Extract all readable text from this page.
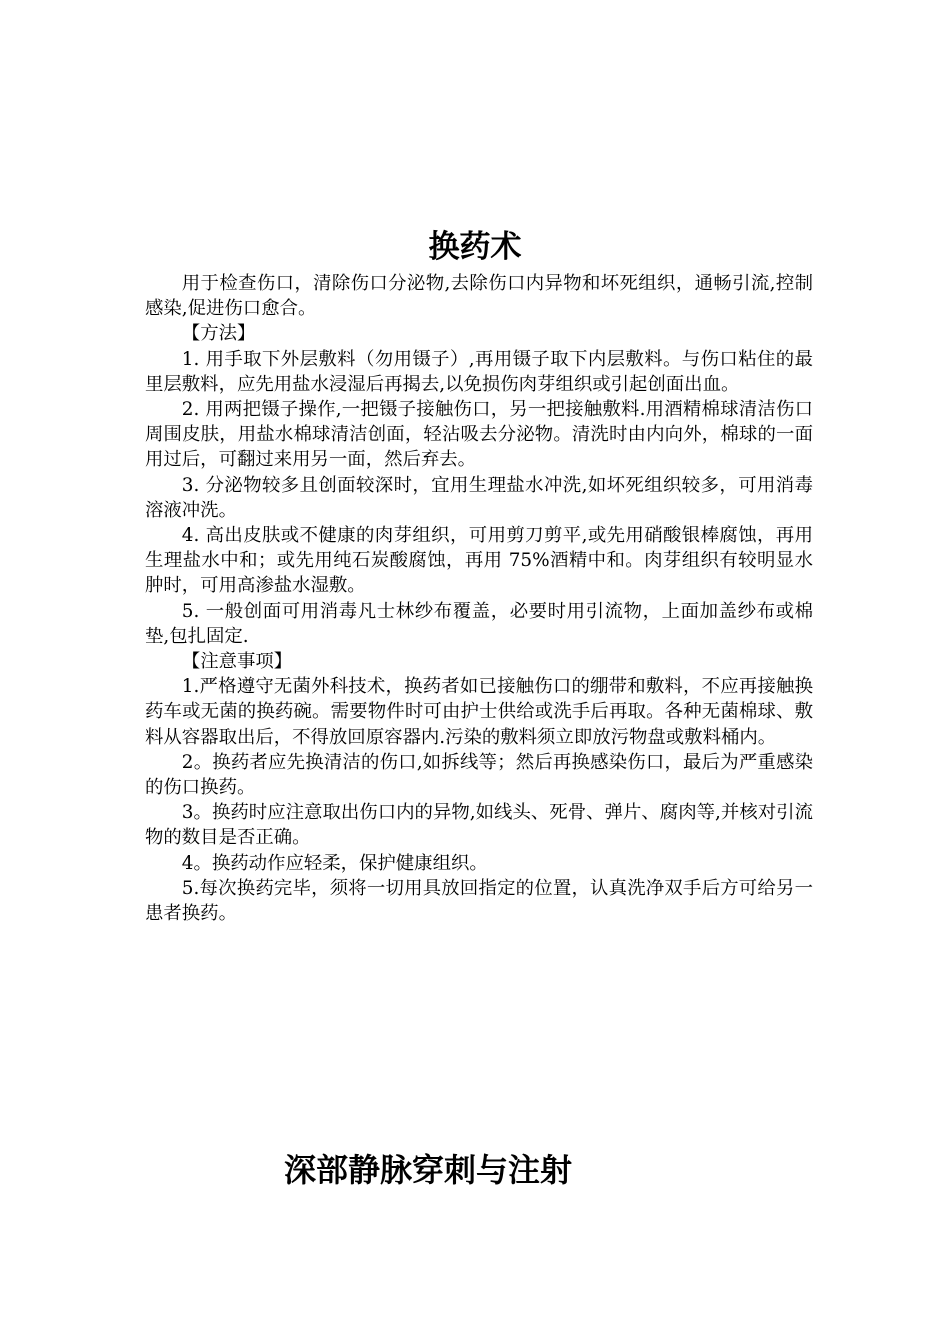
换药术

用于检查伤口，清除伤口分泌物,去除伤口内异物和坏死组织，通畅引流,控制感染,促进伤口愈合。

【方法】

1. 用手取下外层敷料（勿用镊子）,再用镊子取下内层敷料。与伤口粘住的最里层敷料，应先用盐水浸湿后再揭去,以免损伤肉芽组织或引起创面出血。

2. 用两把镊子操作,一把镊子接触伤口，另一把接触敷料.用酒精棉球清洁伤口周围皮肤，用盐水棉球清洁创面，轻沾吸去分泌物。清洗时由内向外，棉球的一面用过后，可翻过来用另一面，然后弃去。

3. 分泌物较多且创面较深时，宜用生理盐水冲洗,如坏死组织较多，可用消毒溶液冲洗。

4. 高出皮肤或不健康的肉芽组织，可用剪刀剪平,或先用硝酸银棒腐蚀，再用生理盐水中和；或先用纯石炭酸腐蚀，再用 75%酒精中和。肉芽组织有较明显水肿时，可用高渗盐水湿敷。

5. 一般创面可用消毒凡士林纱布覆盖，必要时用引流物，上面加盖纱布或棉垫,包扎固定.

【注意事项】

1.严格遵守无菌外科技术，换药者如已接触伤口的绷带和敷料，不应再接触换药车或无菌的换药碗。需要物件时可由护士供给或洗手后再取。各种无菌棉球、敷料从容器取出后，不得放回原容器内.污染的敷料须立即放污物盘或敷料桶内。

2。换药者应先换清洁的伤口,如拆线等；然后再换感染伤口，最后为严重感染的伤口换药。

3。换药时应注意取出伤口内的异物,如线头、死骨、弹片、腐肉等,并核对引流物的数目是否正确。

4。换药动作应轻柔，保护健康组织。

5.每次换药完毕，须将一切用具放回指定的位置，认真洗净双手后方可给另一患者换药。

深部静脉穿刺与注射
